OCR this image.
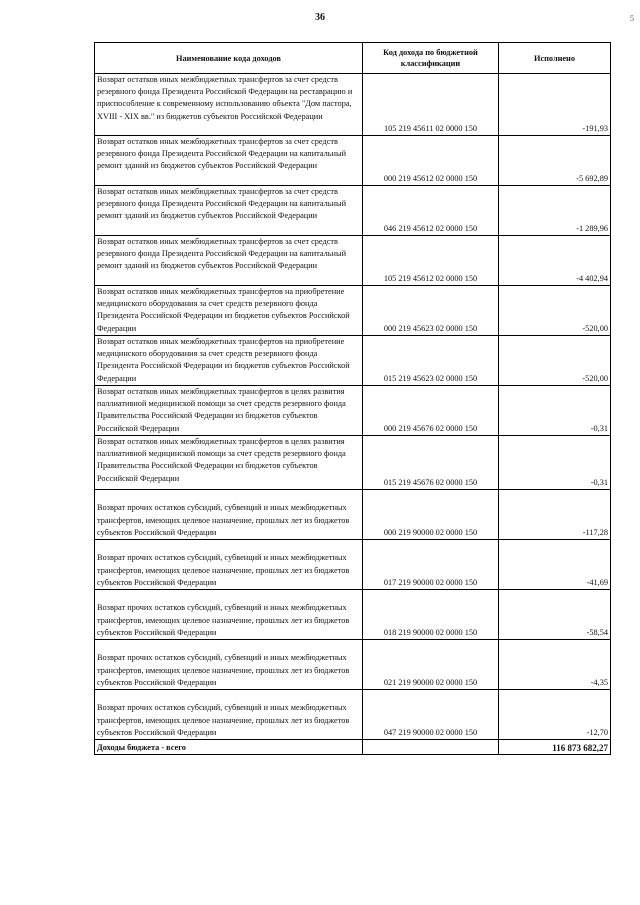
36	5
Наименование кода доходов	Код дохода по бюджетной классификации	Исполнено
Возврат остатков иных межбюджетных трансфертов за счет средств резервного фонда Президента Российской Федерации на реставрацию и приспособление к современному использованию объекта "Дом пастора, XVIII - XIX вв." из бюджетов субъектов Российской Федерации	105 219 45611 02 0000 150	-191,93
Возврат остатков иных межбюджетных трансфертов за счет средств резервного фонда Президента Российской Федерации на капитальный ремонт зданий из бюджетов субъектов Российской Федерации	000 219 45612 02 0000 150	-5 692,89
Возврат остатков иных межбюджетных трансфертов за счет средств резервного фонда Президента Российской Федерации на капитальный ремонт зданий из бюджетов субъектов Российской Федерации	046 219 45612 02 0000 150	-1 289,96
Возврат остатков иных межбюджетных трансфертов за счет средств резервного фонда Президента Российской Федерации на капитальный ремонт зданий из бюджетов субъектов Российской Федерации	105 219 45612 02 0000 150	-4 402,94
Возврат остатков иных межбюджетных трансфертов на приобретение медицинского оборудования за счет средств резервного фонда Президента Российской Федерации из бюджетов субъектов Российской Федерации	000 219 45623 02 0000 150	-520,00
Возврат остатков иных межбюджетных трансфертов на приобретение медицинского оборудования за счет средств резервного фонда Президента Российской Федерации из бюджетов субъектов Российской Федерации	015 219 45623 02 0000 150	-520,00
Возврат остатков иных межбюджетных трансфертов в целях развития паллиативной медицинской помощи за счет средств резервного фонда Правительства Российской Федерации из бюджетов субъектов Российской Федерации	000 219 45676 02 0000 150	-0,31
Возврат остатков иных межбюджетных трансфертов в целях развития паллиативной медицинской помощи за счет средств резервного фонда Правительства Российской Федерации из бюджетов субъектов Российской Федерации	015 219 45676 02 0000 150	-0,31
Возврат прочих остатков субсидий, субвенций и иных межбюджетных трансфертов, имеющих целевое назначение, прошлых лет из бюджетов субъектов Российской Федерации	000 219 90000 02 0000 150	-117,28
Возврат прочих остатков субсидий, субвенций и иных межбюджетных трансфертов, имеющих целевое назначение, прошлых лет из бюджетов субъектов Российской Федерации	017 219 90000 02 0000 150	-41,69
Возврат прочих остатков субсидий, субвенций и иных межбюджетных трансфертов, имеющих целевое назначение, прошлых лет из бюджетов субъектов Российской Федерации	018 219 90000 02 0000 150	-58,54
Возврат прочих остатков субсидий, субвенций и иных межбюджетных трансфертов, имеющих целевое назначение, прошлых лет из бюджетов субъектов Российской Федерации	021 219 90000 02 0000 150	-4,35
Возврат прочих остатков субсидий, субвенций и иных межбюджетных трансфертов, имеющих целевое назначение, прошлых лет из бюджетов субъектов Российской Федерации	047 219 90000 02 0000 150	-12,70
Доходы бюджета - всего		116 873 682,27
